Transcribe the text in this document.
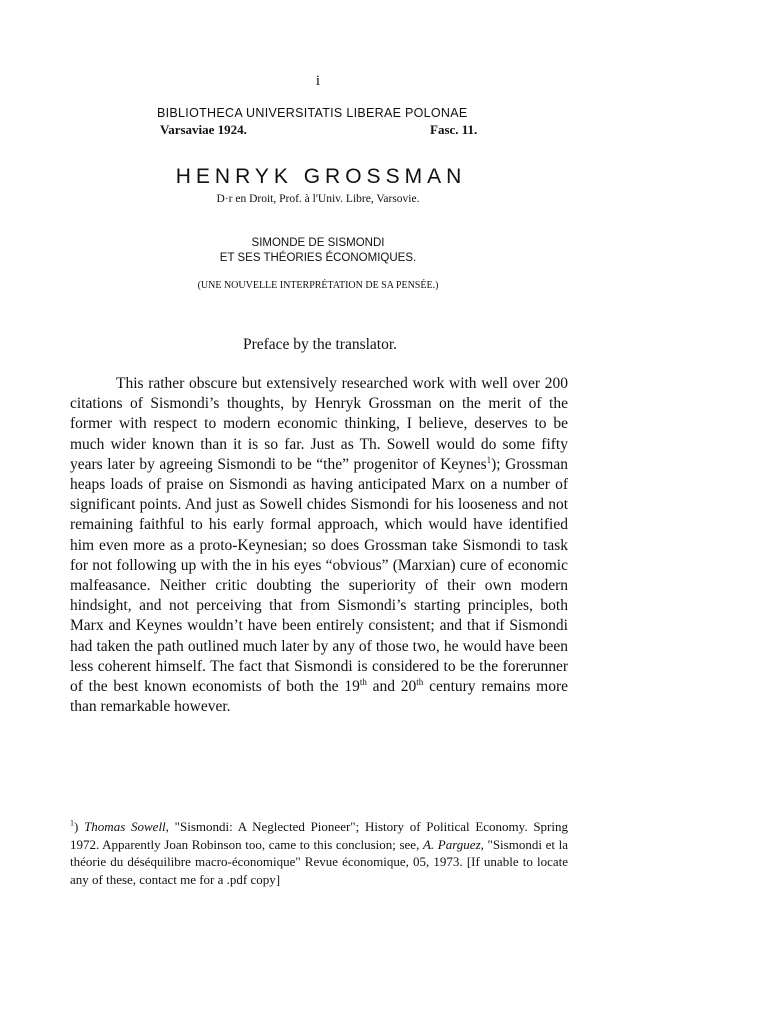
i
BIBLIOTHECA UNIVERSITATIS LIBERAE POLONAE
Varsaviae 1924.	Fasc. 11.
HENRYK GROSSMAN
D·r en Droit, Prof. à l'Univ. Libre, Varsovie.
SIMONDE DE SISMONDI
ET SES THÉORIES ÉCONOMIQUES.
(UNE NOUVELLE INTERPRÉTATION DE SA PENSÉE.)
Preface by the translator.

This rather obscure but extensively researched work with well over 200 citations of Sismondi’s thoughts, by Henryk Grossman on the merit of the former with respect to modern economic thinking, I believe, deserves to be much wider known than it is so far. Just as Th. Sowell would do some fifty years later by agreeing Sismondi to be “the” progenitor of Keynes$^1$); Grossman heaps loads of praise on Sismondi as having anticipated Marx on a number of significant points. And just as Sowell chides Sismondi for his looseness and not remaining faithful to his early formal approach, which would have identified him even more as a proto-Keynesian; so does Grossman take Sismondi to task for not following up with the in his eyes “obvious” (Marxian) cure of economic malfeasance. Neither critic doubting the superiority of their own modern hindsight, and not perceiving that from Sismondi’s starting principles, both Marx and Keynes wouldn’t have been entirely consistent; and that if Sismondi had taken the path outlined much later by any of those two, he would have been less coherent himself. The fact that Sismondi is considered to be the forerunner of the best known economists of both the 19th and 20th century remains more than remarkable however.

$^1$) Thomas Sowell, "Sismondi: A Neglected Pioneer"; History of Political Economy. Spring 1972. Apparently Joan Robinson too, came to this conclusion; see, A. Parguez, "Sismondi et la théorie du déséquilibre macro-économique" Revue économique, 05, 1973. [If unable to locate any of these, contact me for a .pdf copy]
